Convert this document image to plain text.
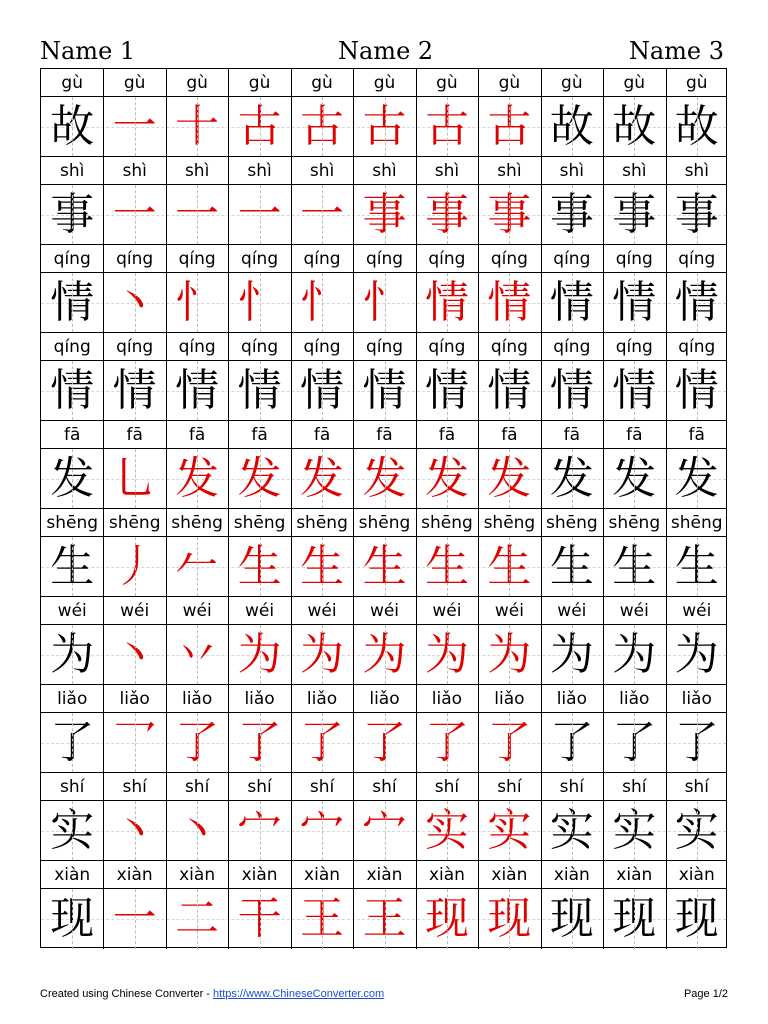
Name 1	Name 2	Name 3
gù	gù	gù	gù	gù	gù	gù	gù	gù	gù	gù
故 一 十 古 古 古 古 古 故 故 故
shì	shì	shì	shì	shì	shì	shì	shì	shì	shì	shì
事 一 一 一 一 事 事 事 事 事 事
qíng	qíng	qíng	qíng	qíng	qíng	qíng	qíng	qíng	qíng	qíng
情 丶 忄 忄 忄 忄 情 情 情 情 情
qíng	qíng	qíng	qíng	qíng	qíng	qíng	qíng	qíng	qíng	qíng
情 情 情 情 情 情 情 情 情 情 情
fā	fā	fā	fā	fā	fā	fā	fā	fā	fā	fā
发 乚 发 发 发 发 发 发 发 发 发
shēng shēng shēng shēng shēng shēng shēng shēng shēng shēng shēng
生 丿 𠂉 生 生 生 生 生 生 生 生
wéi	wéi	wéi	wéi	wéi	wéi	wéi	wéi	wéi	wéi	wéi
为 丶 丷 为 为 为 为 为 为 为 为
liǎo	liǎo	liǎo	liǎo	liǎo	liǎo	liǎo	liǎo	liǎo	liǎo	liǎo
了 乛 了 了 了 了 了 了 了 了 了
shí	shí	shí	shí	shí	shí	shí	shí	shí	shí	shí
实 丶 丶 宀 宀 宀 实 实 实 实 实
xiàn	xiàn	xiàn	xiàn	xiàn	xiàn	xiàn	xiàn	xiàn	xiàn	xiàn
现 一 二 干 王 王 现 现 现 现 现
Created using Chinese Converter - https://www.ChineseConverter.com	Page 1/2
